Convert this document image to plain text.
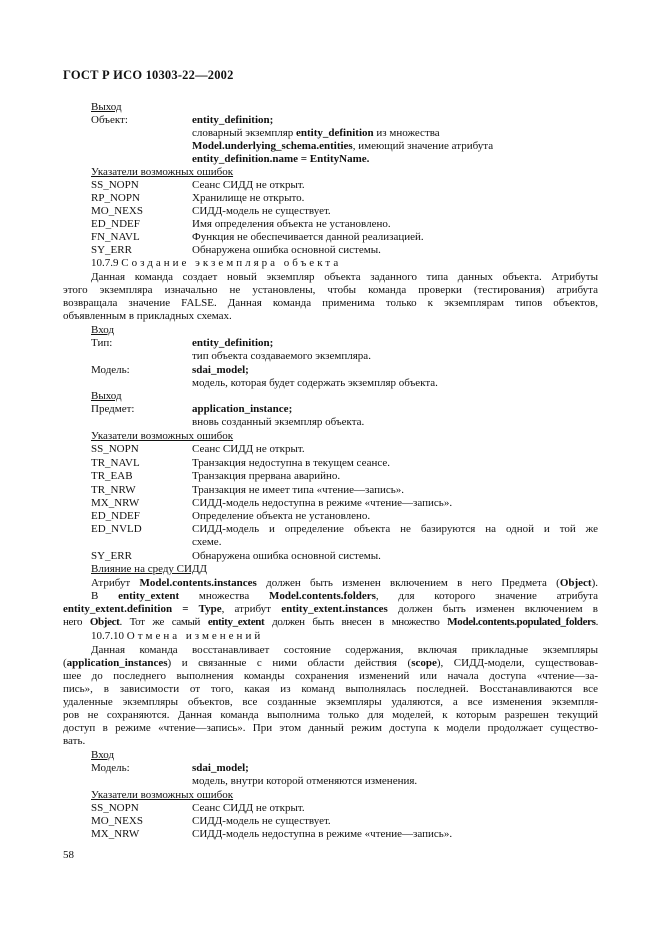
ГОСТ Р ИСО 10303-22—2002
Выход
Объект:	entity_definition;
словарный экземпляр entity_definition из множества
Model.underlying_schema.entities, имеющий значение атрибута
entity_definition.name = EntityName.
Указатели возможных ошибок
SS_NOPN	Сеанс СИДД не открыт.
RP_NOPN	Хранилище не открыто.
MO_NEXS	СИДД-модель не существует.
ED_NDEF	Имя определения объекта не установлено.
FN_NAVL	Функция не обеспечивается данной реализацией.
SY_ERR	Обнаружена ошибка основной системы.
10.7.9 Создание экземпляра объекта
Данная команда создает новый экземпляр объекта заданного типа данных объекта. Атрибуты
этого экземпляра изначально не установлены, чтобы команда проверки (тестирования) атрибута
возвращала значение FALSE. Данная команда применима только к экземплярам типов объектов,
объявленным в прикладных схемах.
Вход
Тип:	entity_definition;
тип объекта создаваемого экземпляра.
Модель:	sdai_model;
модель, которая будет содержать экземпляр объекта.
Выход
Предмет:	application_instance;
вновь созданный экземпляр объекта.
Указатели возможных ошибок
SS_NOPN	Сеанс СИДД не открыт.
TR_NAVL	Транзакция недоступна в текущем сеансе.
TR_EAB	Транзакция прервана аварийно.
TR_NRW	Транзакция не имеет типа «чтение—запись».
MX_NRW	СИДД-модель недоступна в режиме «чтение—запись».
ED_NDEF	Определение объекта не установлено.
ED_NVLD	СИДД-модель и определение объекта не базируются на одной и той же
схеме.
SY_ERR	Обнаружена ошибка основной системы.
Влияние на среду СИДД
Атрибут Model.contents.instances должен быть изменен включением в него Предмета (Object).
В entity_extent множества Model.contents.folders, для которого значение атрибута
entity_extent.definition = Type, атрибут entity_extent.instances должен быть изменен включением в
него Object. Тот же самый entity_extent должен быть внесен в множество Model.contents.populated_folders.
10.7.10 Отмена изменений
Данная команда восстанавливает состояние содержания, включая прикладные экземпляры
(application_instances) и связанные с ними области действия (scope), СИДД-модели, существовав-
шее до последнего выполнения команды сохранения изменений или начала доступа «чтение—за-
пись», в зависимости от того, какая из команд выполнялась последней. Восстанавливаются все
удаленные экземпляры объектов, все созданные экземпляры удаляются, а все изменения экземпля-
ров не сохраняются. Данная команда выполнима только для моделей, к которым разрешен текущий
доступ в режиме «чтение—запись». При этом данный режим доступа к модели продолжает существо-
вать.
Вход
Модель:	sdai_model;
модель, внутри которой отменяются изменения.
Указатели возможных ошибок
SS_NOPN	Сеанс СИДД не открыт.
MO_NEXS	СИДД-модель не существует.
MX_NRW	СИДД-модель недоступна в режиме «чтение—запись».
58
